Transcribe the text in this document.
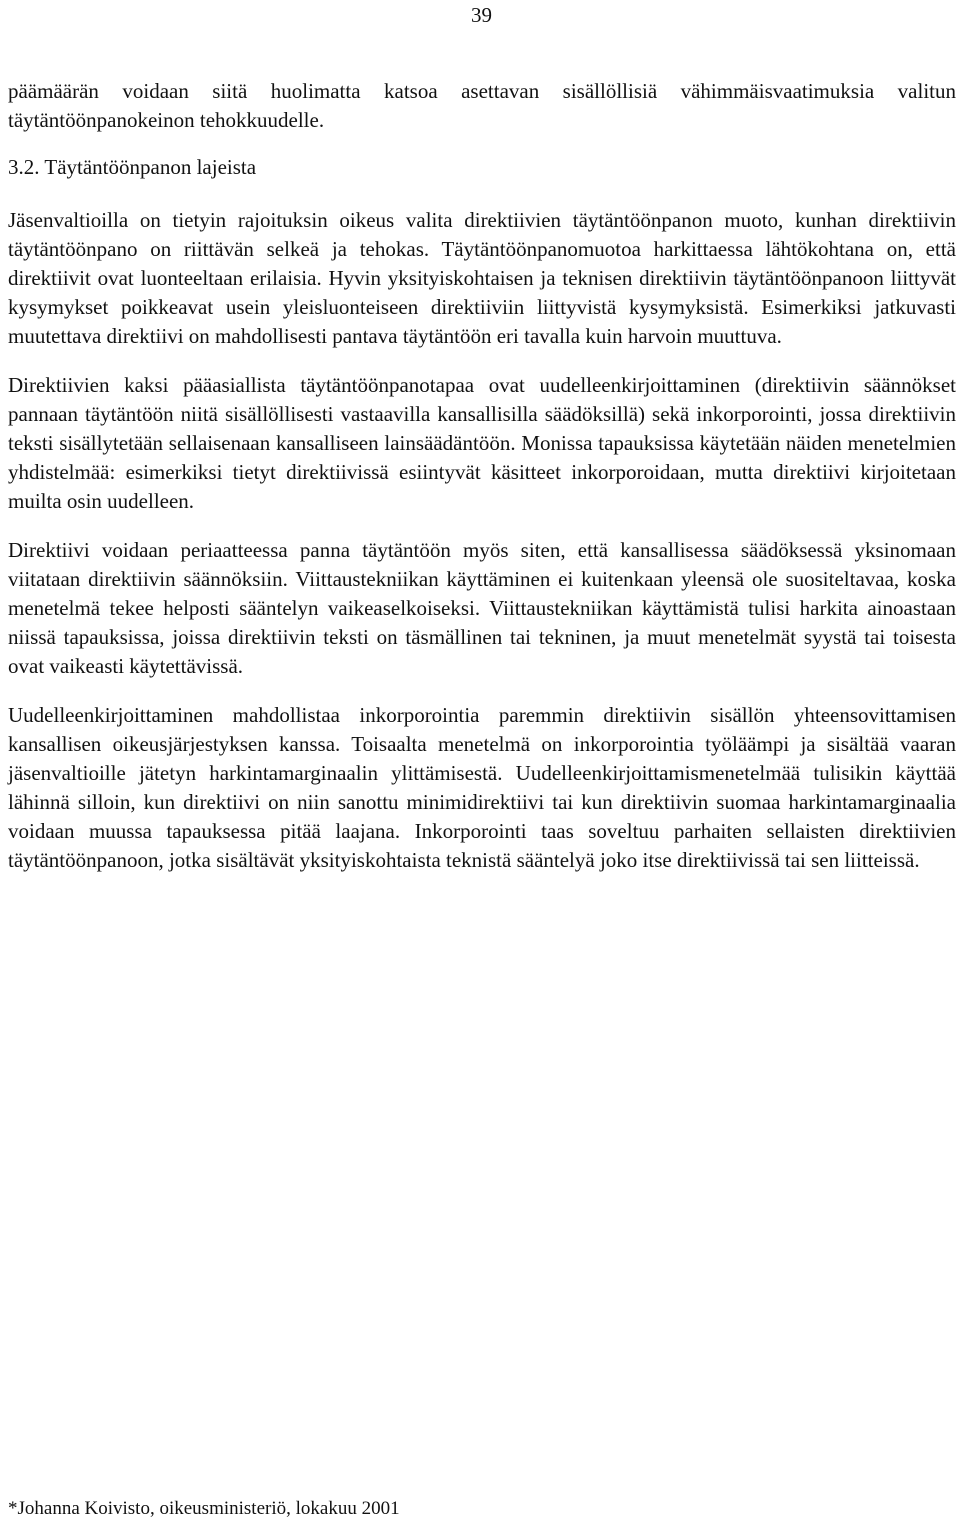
39

päämäärän voidaan siitä huolimatta katsoa asettavan sisällöllisiä vähimmäisvaatimuksia valitun täytäntöönpanokeinon tehokkuudelle.

3.2. Täytäntöönpanon lajeista

Jäsenvaltioilla on tietyin rajoituksin oikeus valita direktiivien täytäntöönpanon muoto, kunhan direktiivin täytäntöönpano on riittävän selkeä ja tehokas. Täytäntöönpanomuotoa harkittaessa lähtökohtana on, että direktiivit ovat luonteeltaan erilaisia. Hyvin yksityiskohtaisen ja teknisen direktiivin täytäntöönpanoon liittyvät kysymykset poikkeavat usein yleisluonteiseen direktiiviin liittyvistä kysymyksistä. Esimerkiksi jatkuvasti muutettava direktiivi on mahdollisesti pantava täytäntöön eri tavalla kuin harvoin muuttuva.

Direktiivien kaksi pääasiallista täytäntöönpanotapaa ovat uudelleenkirjoittaminen (direktiivin säännökset pannaan täytäntöön niitä sisällöllisesti vastaavilla kansallisilla säädöksillä) sekä inkorporointi, jossa direktiivin teksti sisällytetään sellaisenaan kansalliseen lainsäädäntöön. Monissa tapauksissa käytetään näiden menetelmien yhdistelmää: esimerkiksi tietyt direktiivissä esiintyvät käsitteet inkorporoidaan, mutta direktiivi kirjoitetaan muilta osin uudelleen.

Direktiivi voidaan periaatteessa panna täytäntöön myös siten, että kansallisessa säädöksessä yksinomaan viitataan direktiivin säännöksiin. Viittaustekniikan käyttäminen ei kuitenkaan yleensä ole suositeltavaa, koska menetelmä tekee helposti sääntelyn vaikeaselkoiseksi. Viittaustekniikan käyttämistä tulisi harkita ainoastaan niissä tapauksissa, joissa direktiivin teksti on täsmällinen tai tekninen, ja muut menetelmät syystä tai toisesta ovat vaikeasti käytettävissä.

Uudelleenkirjoittaminen mahdollistaa inkorporointia paremmin direktiivin sisällön yhteensovittamisen kansallisen oikeusjärjestyksen kanssa. Toisaalta menetelmä on inkorporointia työläämpi ja sisältää vaaran jäsenvaltioille jätetyn harkintamarginaalin ylittämisestä. Uudelleenkirjoittamismenetelmää tulisikin käyttää lähinnä silloin, kun direktiivi on niin sanottu minimidirektiivi tai kun direktiivin suomaa harkintamarginaalia voidaan muussa tapauksessa pitää laajana. Inkorporointi taas soveltuu parhaiten sellaisten direktiivien täytäntöönpanoon, jotka sisältävät yksityiskohtaista teknistä sääntelyä joko itse direktiivissä tai sen liitteissä.

*Johanna Koivisto, oikeusministeriö, lokakuu 2001
